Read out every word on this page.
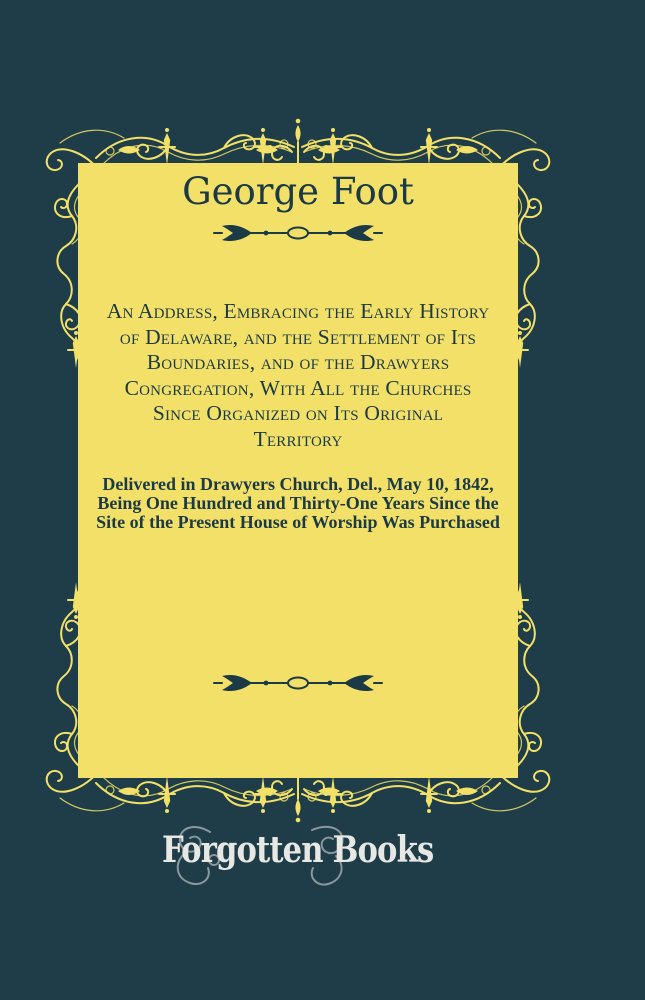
George Foot
An Address, Embracing the Early History
of Delaware, and the Settlement of Its
Boundaries, and of the Drawyers
Congregation, With All the Churches
Since Organized on Its Original
Territory
Delivered in Drawyers Church, Del., May 10, 1842,
Being One Hundred and Thirty-One Years Since the
Site of the Present House of Worship Was Purchased
Forgotten Books
